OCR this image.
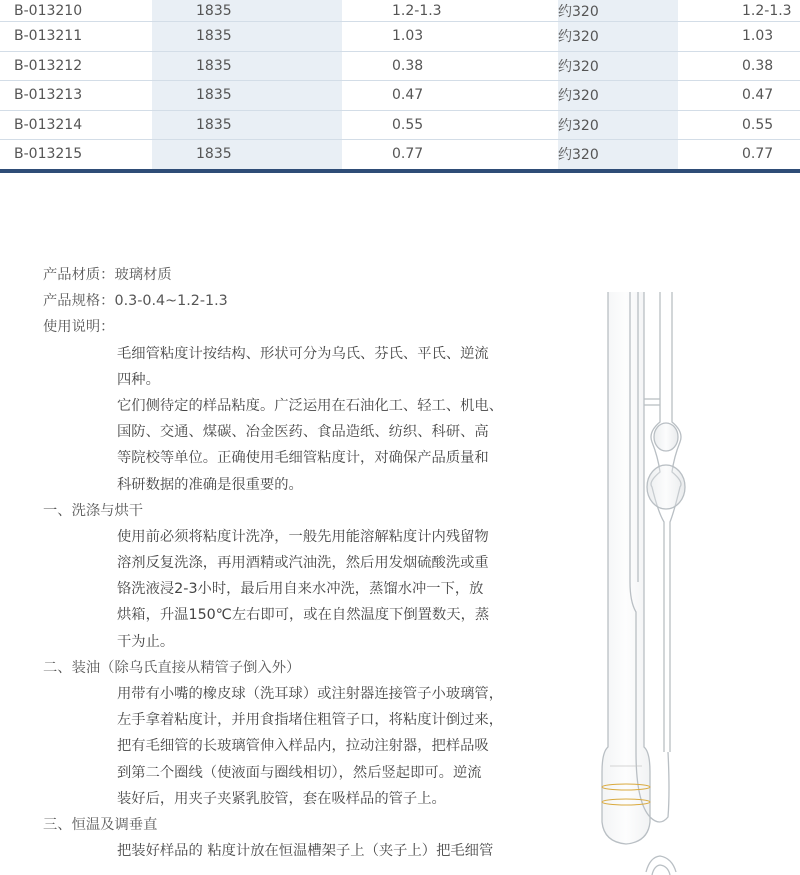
B-013210	1835	1.2-1.3	约320	1.2-1.3
B-013211	1835	1.03	约320	1.03
B-013212	1835	0.38	约320	0.38
B-013213	1835	0.47	约320	0.47
B-013214	1835	0.55	约320	0.55
B-013215	1835	0.77	约320	0.77
产品材质：玻璃材质
产品规格：0.3-0.4~1.2-1.3
使用说明：
毛细管粘度计按结构、形状可分为乌氏、芬氏、平氏、逆流
四种。
它们侧待定的样品粘度。广泛运用在石油化工、轻工、机电、
国防、交通、煤碳、冶金医药、食品造纸、纺织、科研、高
等院校等单位。正确使用毛细管粘度计，对确保产品质量和
科研数据的准确是很重要的。
一、洗涤与烘干
使用前必须将粘度计洗净，一般先用能溶解粘度计内残留物
溶剂反复洗涤，再用酒精或汽油洗，然后用发烟硫酸洗或重
铬洗液浸2-3小时，最后用自来水冲洗，蒸馏水冲一下，放
烘箱，升温150℃左右即可，或在自然温度下倒置数天，蒸
干为止。
二、装油（除乌氏直接从精管子倒入外）
用带有小嘴的橡皮球（洗耳球）或注射器连接管子小玻璃管，
左手拿着粘度计，并用食指堵住粗管子口，将粘度计倒过来，
把有毛细管的长玻璃管伸入样品内，拉动注射器，把样品吸
到第二个圈线（使液面与圈线相切），然后竖起即可。逆流
装好后，用夹子夹紧乳胶管，套在吸样品的管子上。
三、恒温及调垂直
把装好样品的 粘度计放在恒温槽架子上（夹子上）把毛细管
